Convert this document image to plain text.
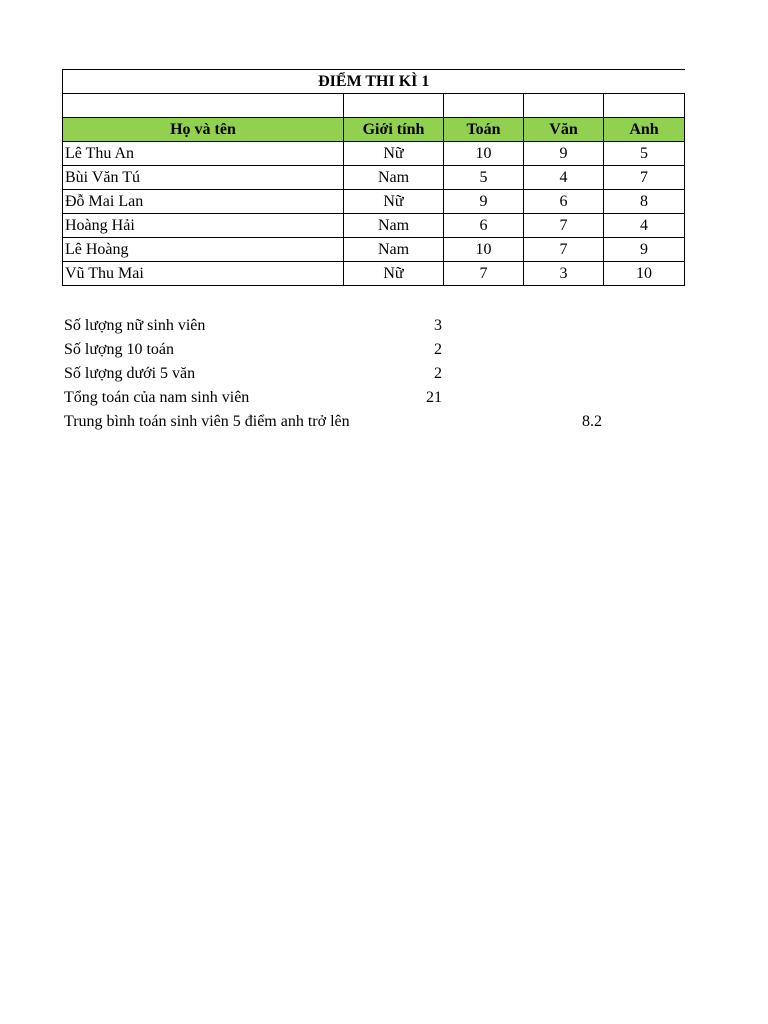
ĐIỂM THI KÌ 1				

Họ và tên	Giới tính	Toán	Văn	Anh
Lê Thu An	Nữ	10	9	5
Bùi Văn Tú	Nam	5	4	7
Đỗ Mai Lan	Nữ	9	6	8
Hoàng Hải	Nam	6	7	4
Lê Hoàng	Nam	10	7	9
Vũ Thu Mai	Nữ	7	3	10
Số lượng nữ sinh viên	3
Số lượng 10 toán	2
Số lượng dưới 5 văn	2
Tổng toán của nam sinh viên	21
Trung bình toán sinh viên 5 điểm anh trở lên	8.2
